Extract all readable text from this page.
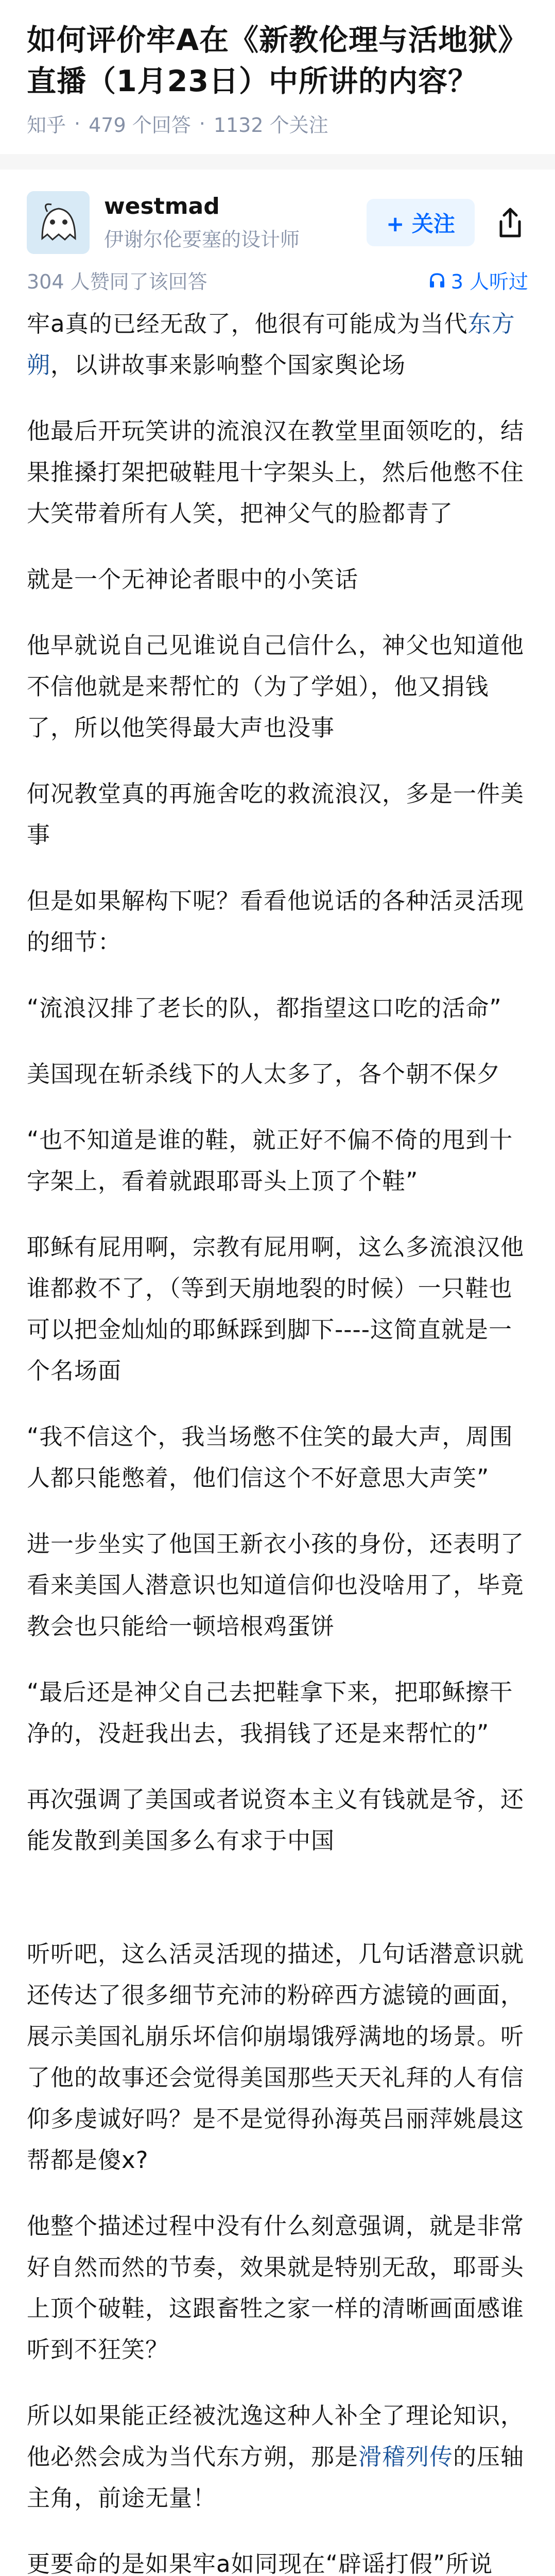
如何评价牢A在《新教伦理与活地狱》直播（1月23日）中所讲的内容？
知乎 · 479 个回答 · 1132 个关注
westmad
伊谢尔伦要塞的设计师
+ 关注
304 人赞同了该回答	3 人听过

牢a真的已经无敌了，他很有可能成为当代东方朔，以讲故事来影响整个国家舆论场

他最后开玩笑讲的流浪汉在教堂里面领吃的，结果推搡打架把破鞋甩十字架头上，然后他憋不住大笑带着所有人笑，把神父气的脸都青了

就是一个无神论者眼中的小笑话

他早就说自己见谁说自己信什么，神父也知道他不信他就是来帮忙的（为了学姐），他又捐钱了，所以他笑得最大声也没事

何况教堂真的再施舍吃的救流浪汉，多是一件美事

但是如果解构下呢？看看他说话的各种活灵活现的细节：

“流浪汉排了老长的队，都指望这口吃的活命”

美国现在斩杀线下的人太多了，各个朝不保夕

“也不知道是谁的鞋，就正好不偏不倚的甩到十字架上，看着就跟耶哥头上顶了个鞋”

耶稣有屁用啊，宗教有屁用啊，这么多流浪汉他谁都救不了，（等到天崩地裂的时候）一只鞋也可以把金灿灿的耶稣踩到脚下----这简直就是一个名场面

“我不信这个，我当场憋不住笑的最大声，周围人都只能憋着，他们信这个不好意思大声笑”

进一步坐实了他国王新衣小孩的身份，还表明了看来美国人潜意识也知道信仰也没啥用了，毕竟教会也只能给一顿培根鸡蛋饼

“最后还是神父自己去把鞋拿下来，把耶稣擦干净的，没赶我出去，我捐钱了还是来帮忙的”

再次强调了美国或者说资本主义有钱就是爷，还能发散到美国多么有求于中国

听听吧，这么活灵活现的描述，几句话潜意识就还传达了很多细节充沛的粉碎西方滤镜的画面，展示美国礼崩乐坏信仰崩塌饿殍满地的场景。听了他的故事还会觉得美国那些天天礼拜的人有信仰多虔诚好吗？是不是觉得孙海英吕丽萍姚晨这帮都是傻x?

他整个描述过程中没有什么刻意强调，就是非常好自然而然的节奏，效果就是特别无敌，耶哥头上顶个破鞋，这跟畜牲之家一样的清晰画面感谁听到不狂笑？

所以如果能正经被沈逸这种人补全了理论知识，他必然会成为当代东方朔，那是滑稽列传的压轴主角，前途无量！

更要命的是如果牢a如同现在“辟谣打假”所说
